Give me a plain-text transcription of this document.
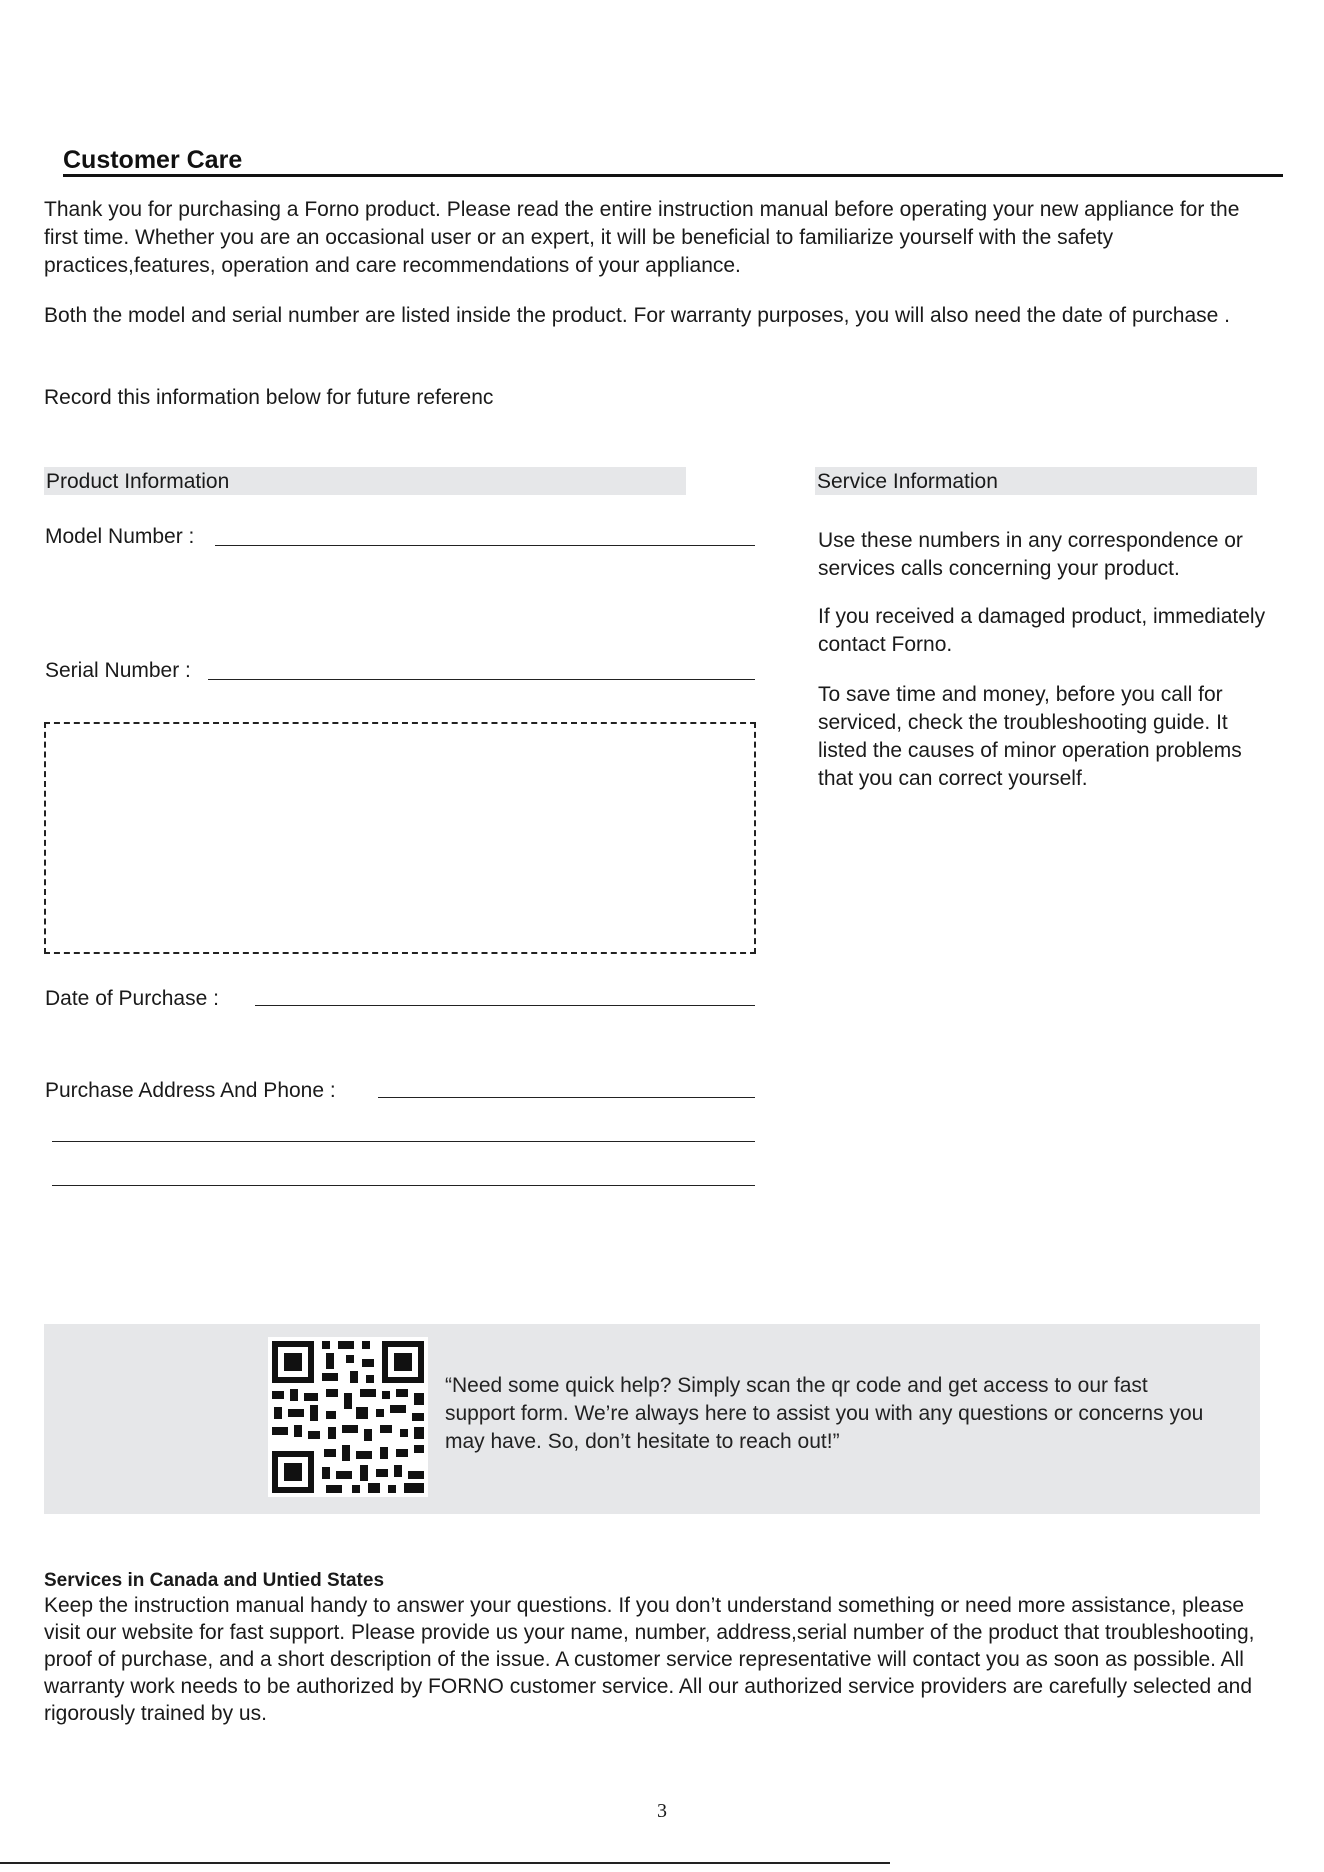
Customer Care
Thank you for purchasing a Forno product. Please read the entire instruction manual before operating your new appliance for the first time. Whether you are an occasional user or an expert, it will be beneficial to familiarize yourself with the safety practices,features, operation and care recommendations of your appliance.
Both the model and serial number are listed inside the product. For warranty purposes, you will also need the date of purchase .
Record this information below for future referenc
Product Information
Model Number :
Serial Number :
Date of Purchase :
Purchase Address And Phone :
Service Information
Use these numbers in any correspondence or services calls concerning your product.
If you received a damaged product, immediately contact Forno.
To save time and money, before you call for serviced, check the troubleshooting guide. It listed the causes of minor operation problems that you can correct yourself.
“Need some quick help? Simply scan the qr code and get access to our fast support form. We’re always here to assist you with any questions or concerns you may have. So, don’t hesitate to reach out!”
Services in Canada and Untied States
Keep the instruction manual handy to answer your questions. If you don’t understand something or need more assistance, please visit our website for fast support. Please provide us your name, number, address,serial number of the product that troubleshooting, proof of purchase, and a short description of the issue. A customer service representative will contact you as soon as possible. All warranty work needs to be authorized by FORNO customer service. All our authorized service providers are carefully selected and rigorously trained by us.
3
